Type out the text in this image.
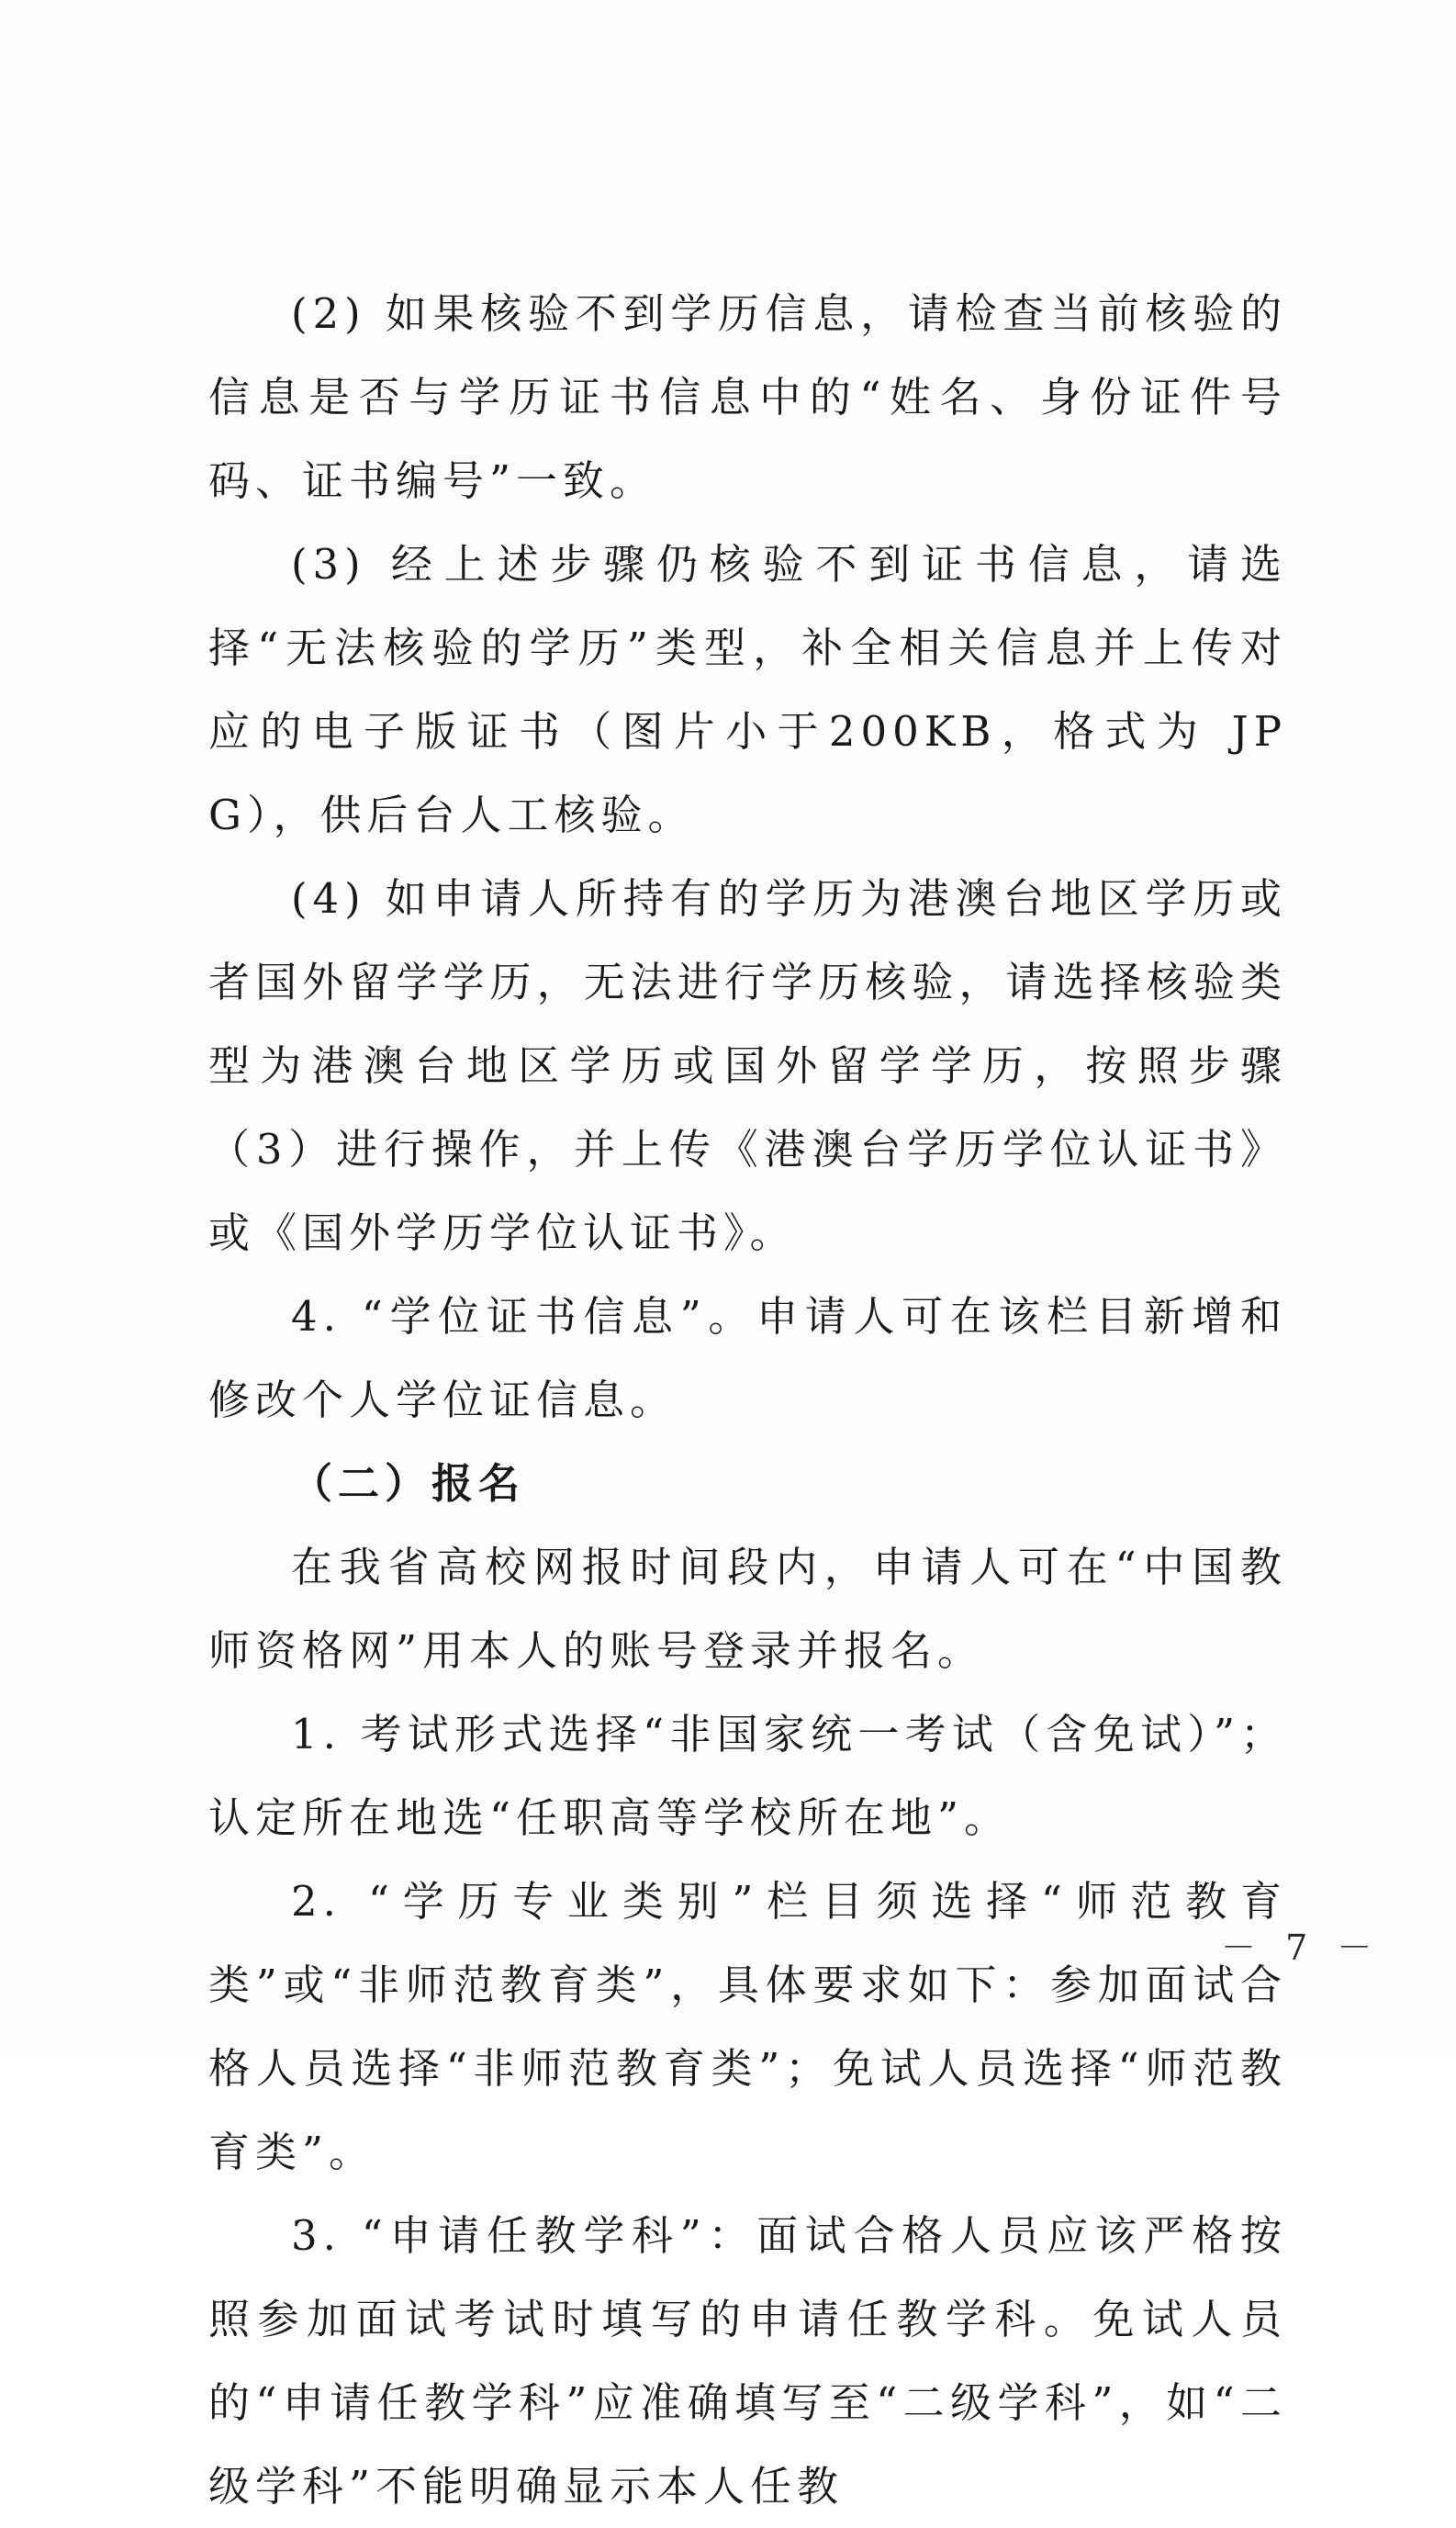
(2) 如果核验不到学历信息，请检查当前核验的信息是否与学历证书信息中的“姓名、身份证件号码、证书编号”一致。

(3) 经上述步骤仍核验不到证书信息，请选择“无法核验的学历”类型，补全相关信息并上传对应的电子版证书（图片小于200KB，格式为 JPG），供后台人工核验。

(4) 如申请人所持有的学历为港澳台地区学历或者国外留学学历，无法进行学历核验，请选择核验类型为港澳台地区学历或国外留学学历，按照步骤（3）进行操作，并上传《港澳台学历学位认证书》或《国外学历学位认证书》。

4. “学位证书信息”。申请人可在该栏目新增和修改个人学位证信息。

（二）报名

在我省高校网报时间段内，申请人可在“中国教师资格网”用本人的账号登录并报名。

1. 考试形式选择“非国家统一考试（含免试）”；认定所在地选“任职高等学校所在地”。

2. “学历专业类别”栏目须选择“师范教育类”或“非师范教育类”，具体要求如下：参加面试合格人员选择“非师范教育类”；免试人员选择“师范教育类”。

3. “申请任教学科”：面试合格人员应该严格按照参加面试考试时填写的申请任教学科。免试人员的“申请任教学科”应准确填写至“二级学科”，如“二级学科”不能明确显示本人任教

－ 7 －
